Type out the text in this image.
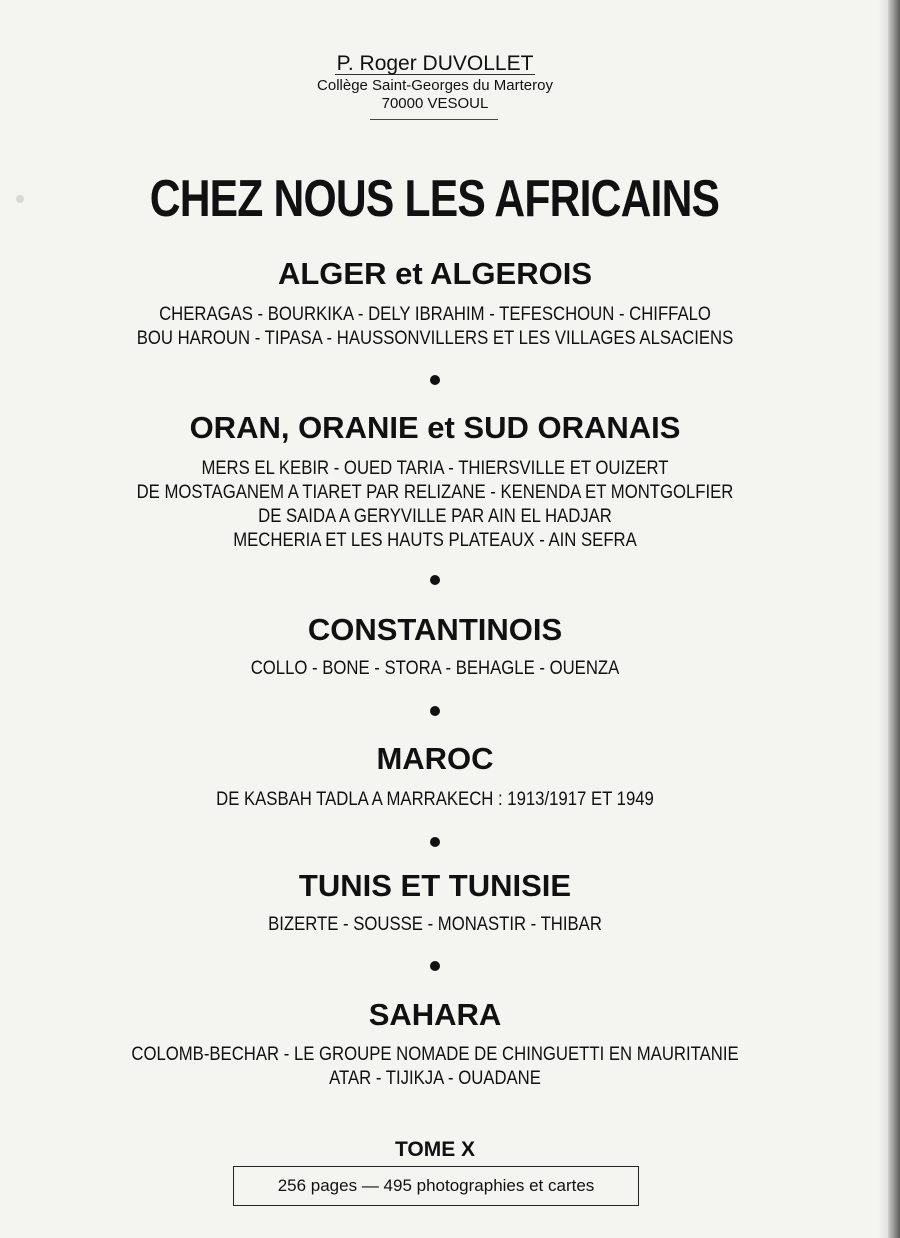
P. Roger DUVOLLET
Collège Saint-Georges du Marteroy
70000 VESOUL
CHEZ NOUS LES AFRICAINS
ALGER et ALGEROIS
CHERAGAS - BOURKIKA - DELY IBRAHIM - TEFESCHOUN - CHIFFALO
BOU HAROUN - TIPASA - HAUSSONVILLERS ET LES VILLAGES ALSACIENS
ORAN, ORANIE et SUD ORANAIS
MERS EL KEBIR - OUED TARIA - THIERSVILLE ET OUIZERT
DE MOSTAGANEM A TIARET PAR RELIZANE - KENENDA ET MONTGOLFIER
DE SAIDA A GERYVILLE PAR AIN EL HADJAR
MECHERIA ET LES HAUTS PLATEAUX - AIN SEFRA
CONSTANTINOIS
COLLO - BONE - STORA - BEHAGLE - OUENZA
MAROC
DE KASBAH TADLA A MARRAKECH : 1913/1917 ET 1949
TUNIS ET TUNISIE
BIZERTE - SOUSSE - MONASTIR - THIBAR
SAHARA
COLOMB-BECHAR - LE GROUPE NOMADE DE CHINGUETTI EN MAURITANIE
ATAR - TIJIKJA - OUADANE
TOME X
256 pages — 495 photographies et cartes
